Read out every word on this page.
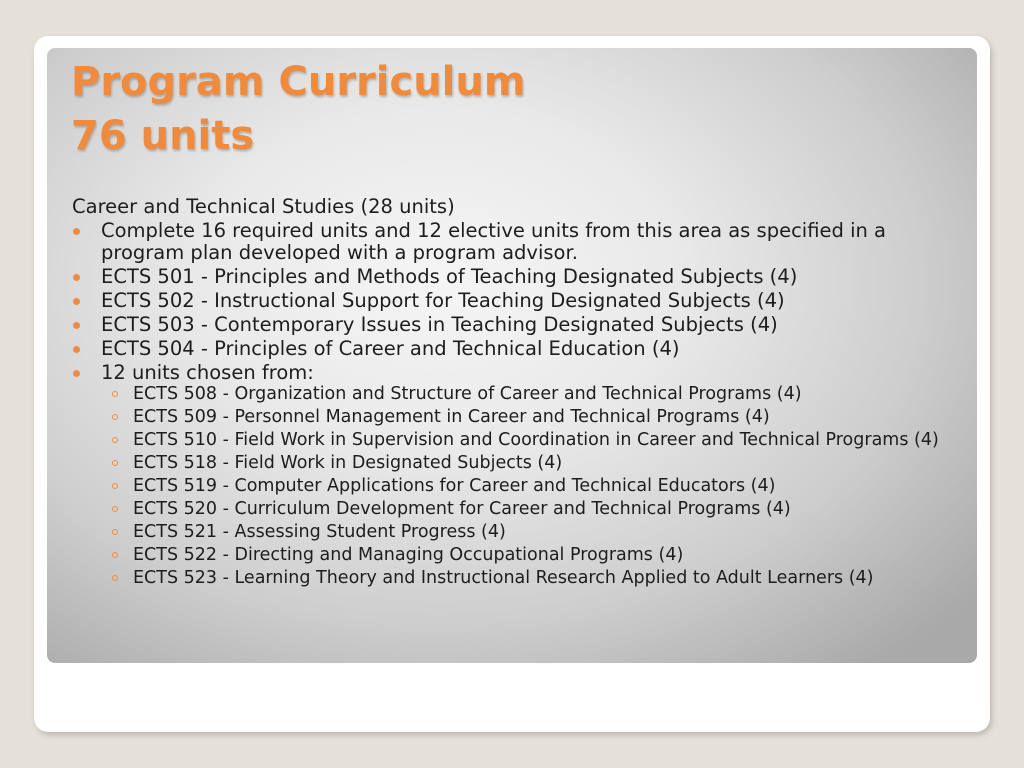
Program Curriculum
76 units
Career and Technical Studies (28 units)
Complete 16 required units and 12 elective units from this area as specified in a program plan developed with a program advisor.
ECTS 501 - Principles and Methods of Teaching Designated Subjects (4)
ECTS 502 - Instructional Support for Teaching Designated Subjects (4)
ECTS 503 - Contemporary Issues in Teaching Designated Subjects (4)
ECTS 504 - Principles of Career and Technical Education (4)
12 units chosen from:
ECTS 508 - Organization and Structure of Career and Technical Programs (4)
ECTS 509 - Personnel Management in Career and Technical Programs (4)
ECTS 510 - Field Work in Supervision and Coordination in Career and Technical Programs (4)
ECTS 518 - Field Work in Designated Subjects (4)
ECTS 519 - Computer Applications for Career and Technical Educators (4)
ECTS 520 - Curriculum Development for Career and Technical Programs (4)
ECTS 521 - Assessing Student Progress (4)
ECTS 522 - Directing and Managing Occupational Programs (4)
ECTS 523 - Learning Theory and Instructional Research Applied to Adult Learners (4)
